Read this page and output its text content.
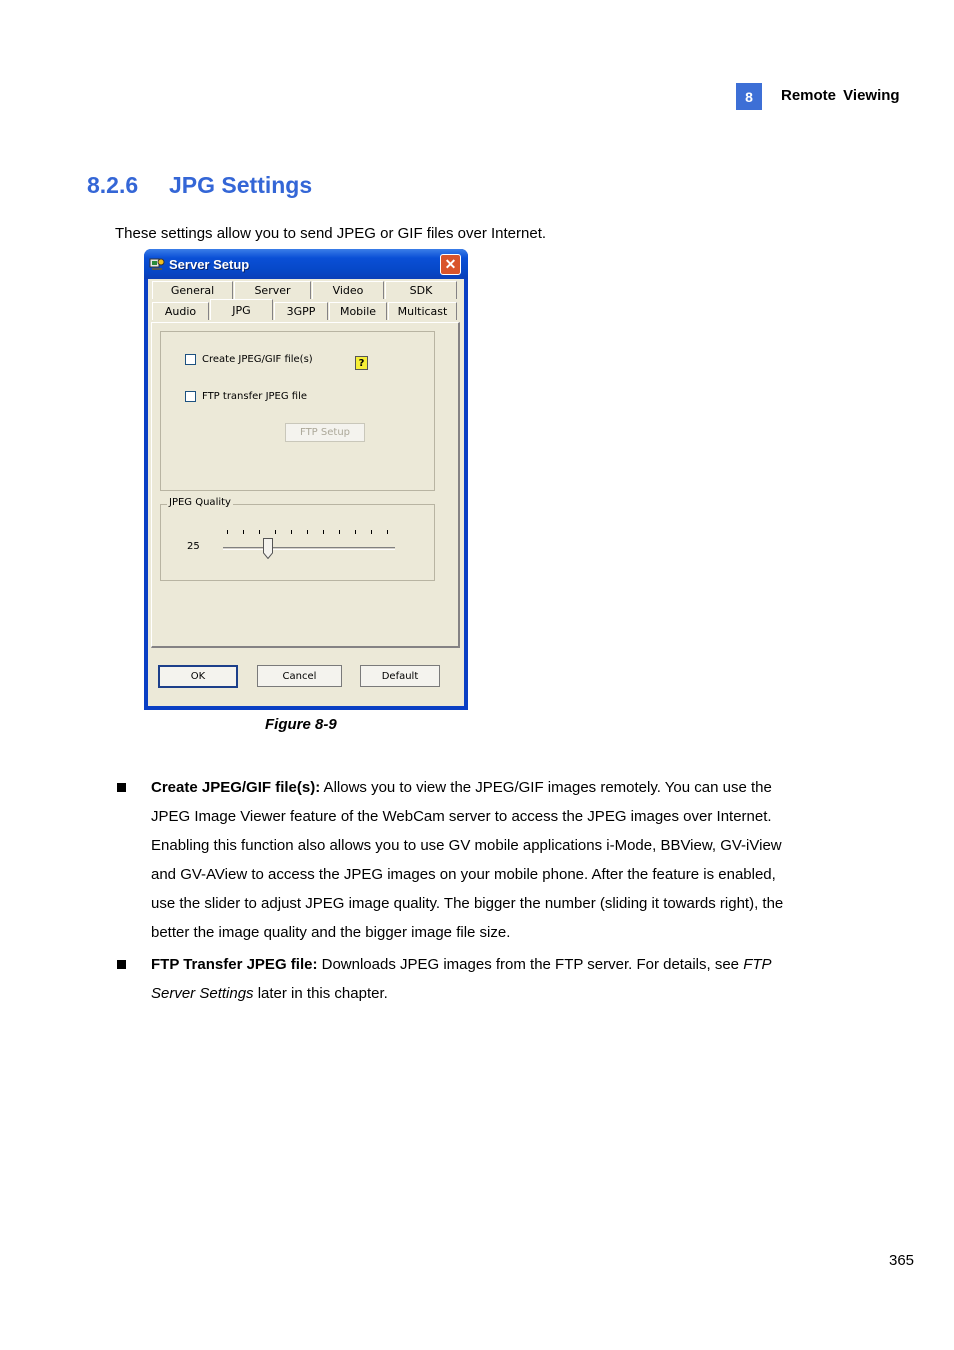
8	Remote Viewing
8.2.6 JPG Settings
These settings allow you to send JPEG or GIF files over Internet.
Server Setup	✕
General	Server	Video	SDK
Audio	JPG	3GPP	Mobile	Multicast
Create JPEG/GIF file(s)	?
FTP transfer JPEG file
FTP Setup
JPEG Quality
25
OK	Cancel	Default
Figure 8-9
Create JPEG/GIF file(s): Allows you to view the JPEG/GIF images remotely. You can use the
JPEG Image Viewer feature of the WebCam server to access the JPEG images over Internet.
Enabling this function also allows you to use GV mobile applications i-Mode, BBView, GV-iView
and GV-AView to access the JPEG images on your mobile phone. After the feature is enabled,
use the slider to adjust JPEG image quality. The bigger the number (sliding it towards right), the
better the image quality and the bigger image file size.
FTP Transfer JPEG file: Downloads JPEG images from the FTP server. For details, see FTP
Server Settings later in this chapter.
365
